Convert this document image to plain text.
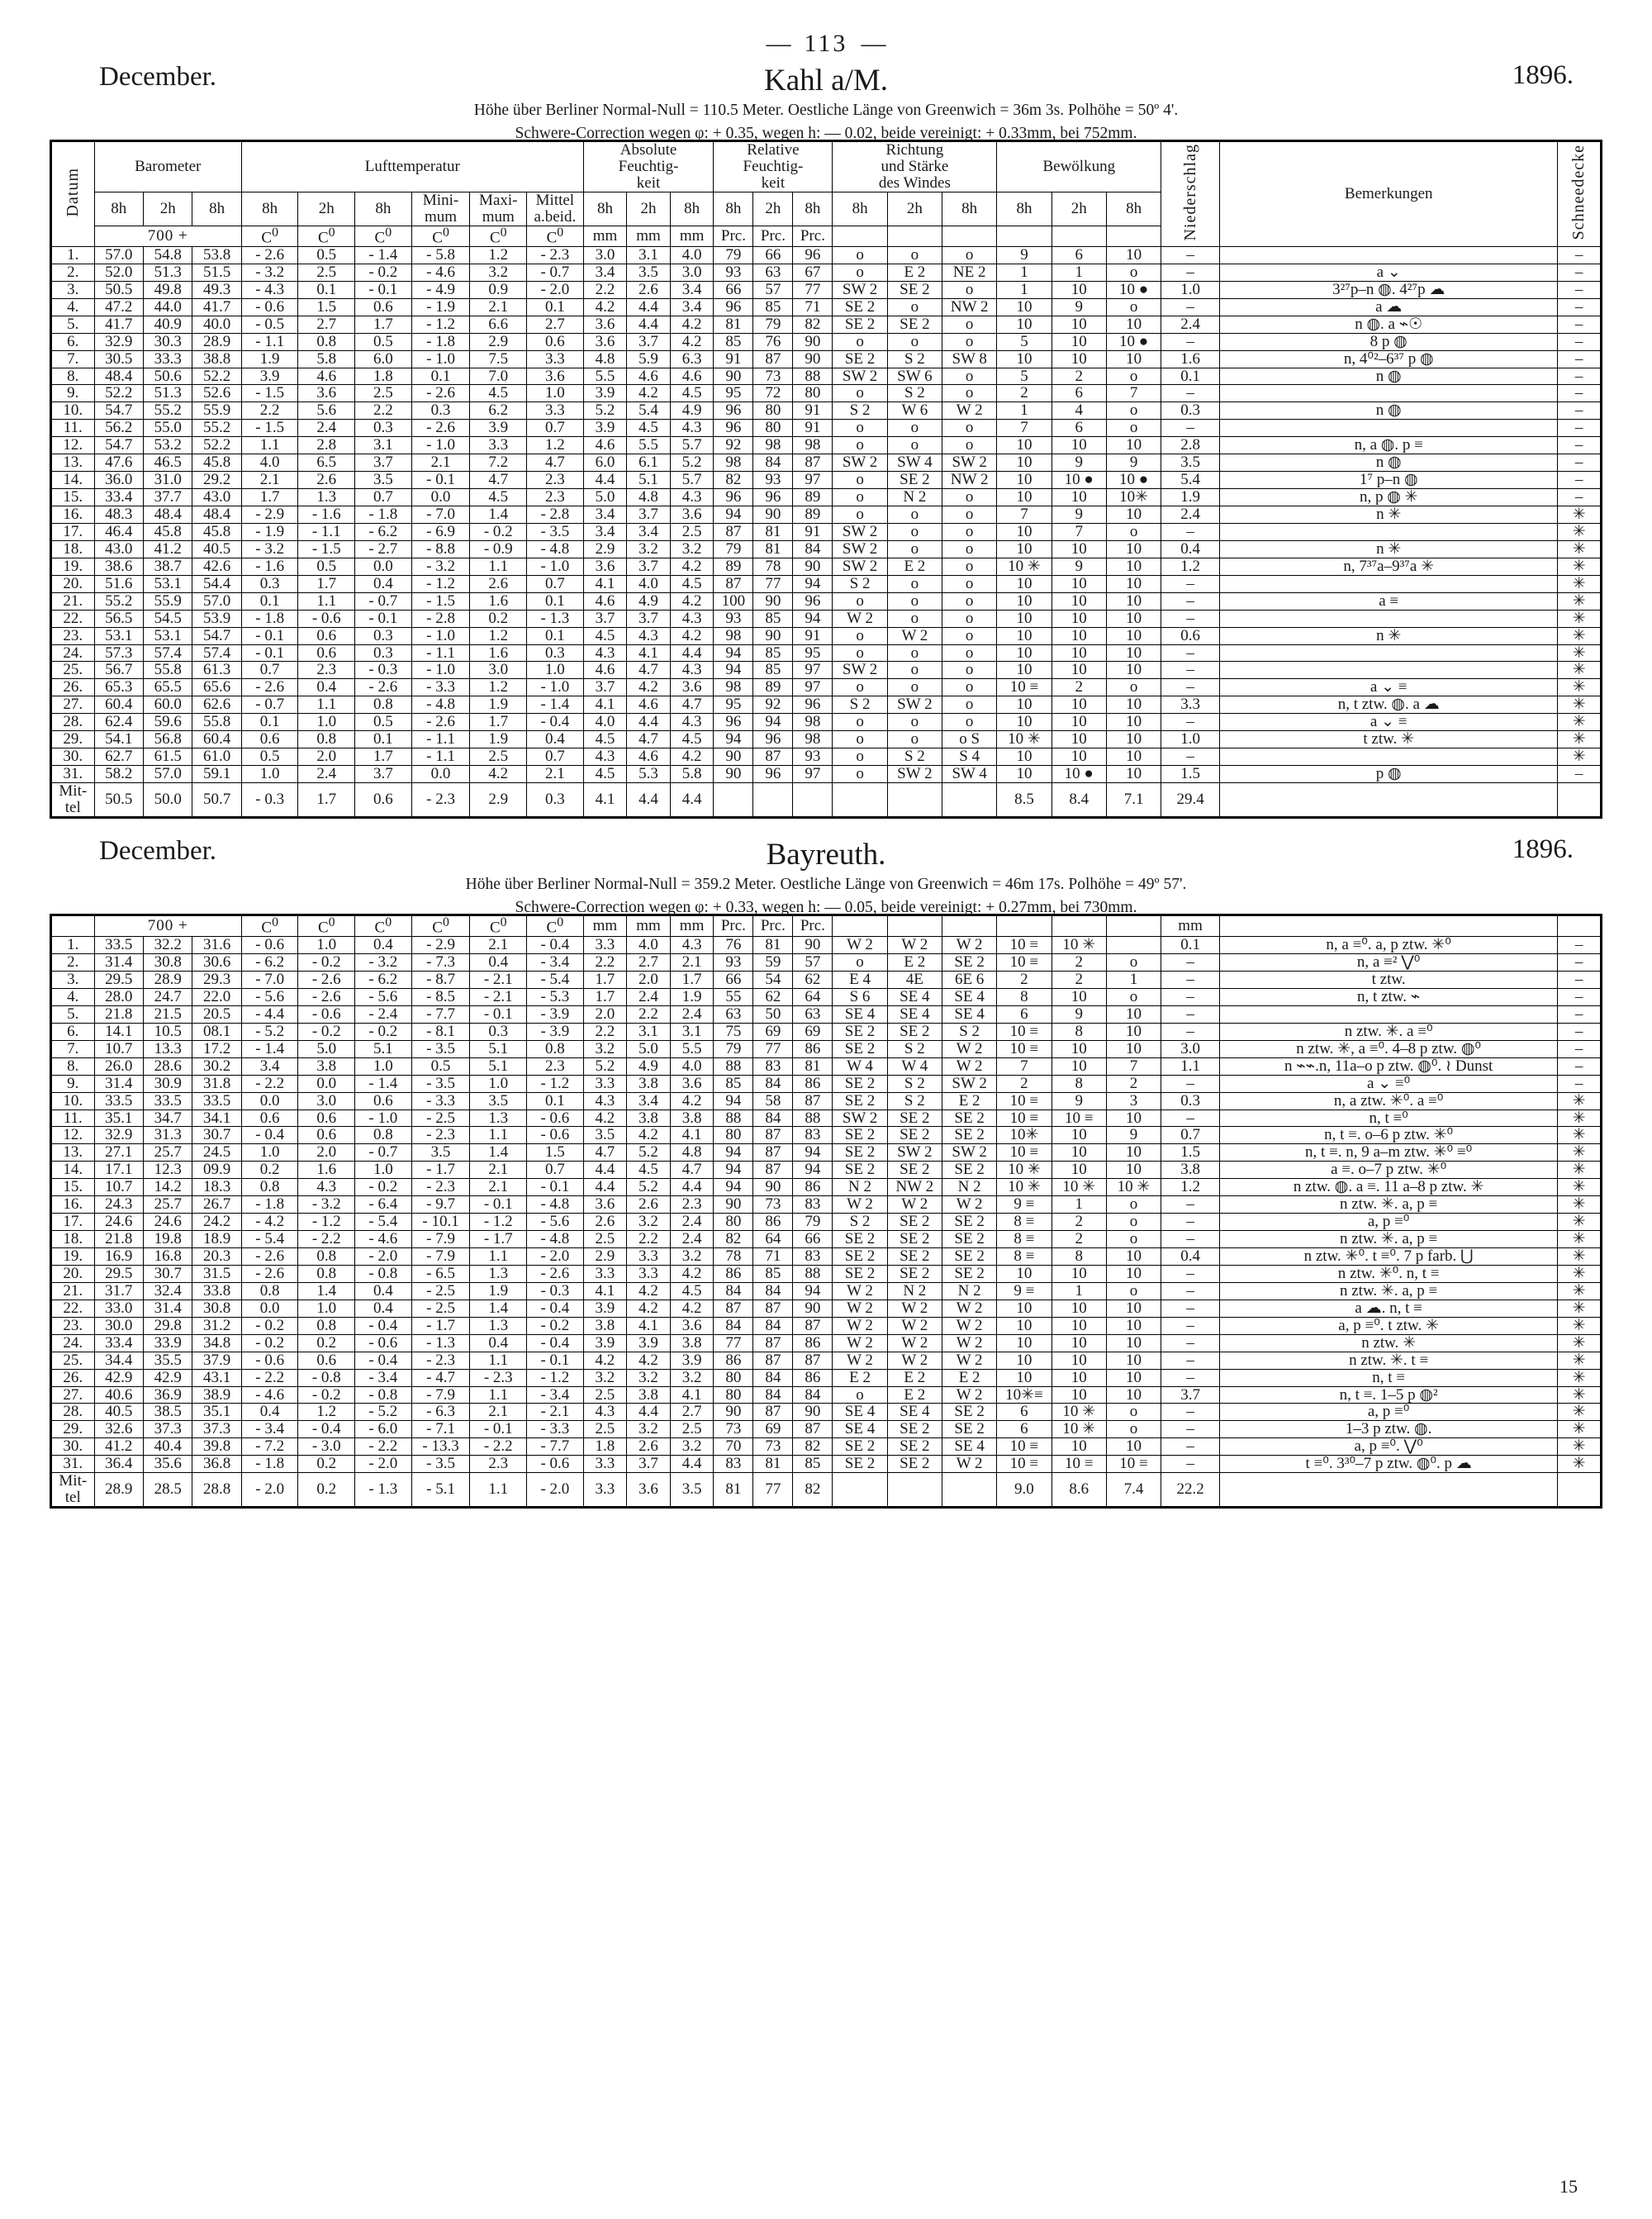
— 113 —
Kahl a/M.
December.	1896.
Höhe über Berliner Normal-Null = 110.5 Meter. Oestliche Länge von Greenwich = 36m 3s. Polhöhe = 50º 4'.
Schwere-Correction wegen φ: + 0.35, wegen h: — 0.02, beide vereinigt: + 0.33mm, bei 752mm.
Datum	Barometer			Lufttemperatur						Absolute
Feuchtig-
keit			Relative
Feuchtig-
keit			Richtung
und Stärke
des Windes			Bewölkung			Niederschlag	Bemerkungen	Schneedecke
	8h	2h	8h	8h	2h	8h	Mini-
mum	Maxi-
mum	Mittel
a.beid.	8h	2h	8h	8h	2h	8h	8h	2h	8h	8h	2h	8h			
	700 +			$C^0$	$C^0$	$C^0$	$C^0$	$C^0$	$C^0$	mm	mm	mm	Prc.	Prc.	Prc.									
1.	57.0	54.8	53.8	- 2.6	0.5	- 1.4	- 5.8	1.2	- 2.3	3.0	3.1	4.0	79	66	96	o	o	o	9	6	10	–		–
2.	52.0	51.3	51.5	- 3.2	2.5	- 0.2	- 4.6	3.2	- 0.7	3.4	3.5	3.0	93	63	67	o	E 2	NE 2	1	1	o	–	a ⌄	–
3.	50.5	49.8	49.3	- 4.3	0.1	- 0.1	- 4.9	0.9	- 2.0	2.2	2.6	3.4	66	57	77	SW 2	SE 2	o	1	10	10 ●	1.0	3²⁷p–n ◍. 4²⁷p ☁	–
4.	47.2	44.0	41.7	- 0.6	1.5	0.6	- 1.9	2.1	0.1	4.2	4.4	3.4	96	85	71	SE 2	o	NW 2	10	9	o	–	a ☁	–
5.	41.7	40.9	40.0	- 0.5	2.7	1.7	- 1.2	6.6	2.7	3.6	4.4	4.2	81	79	82	SE 2	SE 2	o	10	10	10	2.4	n ◍. a ⌁☉	–
6.	32.9	30.3	28.9	- 1.1	0.8	0.5	- 1.8	2.9	0.6	3.6	3.7	4.2	85	76	90	o	o	o	5	10	10 ●	–	8 p ◍	–
7.	30.5	33.3	38.8	1.9	5.8	6.0	- 1.0	7.5	3.3	4.8	5.9	6.3	91	87	90	SE 2	S 2	SW 8	10	10	10	1.6	n, 4⁰²–6³⁷ p ◍	–
8.	48.4	50.6	52.2	3.9	4.6	1.8	0.1	7.0	3.6	5.5	4.6	4.6	90	73	88	SW 2	SW 6	o	5	2	o	0.1	n ◍	–
9.	52.2	51.3	52.6	- 1.5	3.6	2.5	- 2.6	4.5	1.0	3.9	4.2	4.5	95	72	80	o	S 2	o	2	6	7	–		–
10.	54.7	55.2	55.9	2.2	5.6	2.2	0.3	6.2	3.3	5.2	5.4	4.9	96	80	91	S 2	W 6	W 2	1	4	o	0.3	n ◍	–
11.	56.2	55.0	55.2	- 1.5	2.4	0.3	- 2.6	3.9	0.7	3.9	4.5	4.3	96	80	91	o	o	o	7	6	o	–		–
12.	54.7	53.2	52.2	1.1	2.8	3.1	- 1.0	3.3	1.2	4.6	5.5	5.7	92	98	98	o	o	o	10	10	10	2.8	n, a ◍. p ≡	–
13.	47.6	46.5	45.8	4.0	6.5	3.7	2.1	7.2	4.7	6.0	6.1	5.2	98	84	87	SW 2	SW 4	SW 2	10	9	9	3.5	n ◍	–
14.	36.0	31.0	29.2	2.1	2.6	3.5	- 0.1	4.7	2.3	4.4	5.1	5.7	82	93	97	o	SE 2	NW 2	10	10 ●	10 ●	5.4	1⁷ p–n ◍	–
15.	33.4	37.7	43.0	1.7	1.3	0.7	0.0	4.5	2.3	5.0	4.8	4.3	96	96	89	o	N 2	o	10	10	10✳	1.9	n, p ◍ ✳	–
16.	48.3	48.4	48.4	- 2.9	- 1.6	- 1.8	- 7.0	1.4	- 2.8	3.4	3.7	3.6	94	90	89	o	o	o	7	9	10	2.4	n ✳	✳
17.	46.4	45.8	45.8	- 1.9	- 1.1	- 6.2	- 6.9	- 0.2	- 3.5	3.4	3.4	2.5	87	81	91	SW 2	o	o	10	7	o	–		✳
18.	43.0	41.2	40.5	- 3.2	- 1.5	- 2.7	- 8.8	- 0.9	- 4.8	2.9	3.2	3.2	79	81	84	SW 2	o	o	10	10	10	0.4	n ✳	✳
19.	38.6	38.7	42.6	- 1.6	0.5	0.0	- 3.2	1.1	- 1.0	3.6	3.7	4.2	89	78	90	SW 2	E 2	o	10 ✳	9	10	1.2	n, 7³⁷a–9³⁷a ✳	✳
20.	51.6	53.1	54.4	0.3	1.7	0.4	- 1.2	2.6	0.7	4.1	4.0	4.5	87	77	94	S 2	o	o	10	10	10	–		✳
21.	55.2	55.9	57.0	0.1	1.1	- 0.7	- 1.5	1.6	0.1	4.6	4.9	4.2	100	90	96	o	o	o	10	10	10	–	a ≡	✳
22.	56.5	54.5	53.9	- 1.8	- 0.6	- 0.1	- 2.8	0.2	- 1.3	3.7	3.7	4.3	93	85	94	W 2	o	o	10	10	10	–		✳
23.	53.1	53.1	54.7	- 0.1	0.6	0.3	- 1.0	1.2	0.1	4.5	4.3	4.2	98	90	91	o	W 2	o	10	10	10	0.6	n ✳	✳
24.	57.3	57.4	57.4	- 0.1	0.6	0.3	- 1.1	1.6	0.3	4.3	4.1	4.4	94	85	95	o	o	o	10	10	10	–		✳
25.	56.7	55.8	61.3	0.7	2.3	- 0.3	- 1.0	3.0	1.0	4.6	4.7	4.3	94	85	97	SW 2	o	o	10	10	10	–		✳
26.	65.3	65.5	65.6	- 2.6	0.4	- 2.6	- 3.3	1.2	- 1.0	3.7	4.2	3.6	98	89	97	o	o	o	10 ≡	2	o	–	a ⌄ ≡	✳
27.	60.4	60.0	62.6	- 0.7	1.1	0.8	- 4.8	1.9	- 1.4	4.1	4.6	4.7	95	92	96	S 2	SW 2	o	10	10	10	3.3	n, t ztw. ◍. a ☁	✳
28.	62.4	59.6	55.8	0.1	1.0	0.5	- 2.6	1.7	- 0.4	4.0	4.4	4.3	96	94	98	o	o	o	10	10	10	–	a ⌄ ≡	✳
29.	54.1	56.8	60.4	0.6	0.8	0.1	- 1.1	1.9	0.4	4.5	4.7	4.5	94	96	98	o	o	o S	10 ✳	10	10	1.0	t ztw. ✳	✳
30.	62.7	61.5	61.0	0.5	2.0	1.7	- 1.1	2.5	0.7	4.3	4.6	4.2	90	87	93	o	S 2	S 4	10	10	10	–		✳
31.	58.2	57.0	59.1	1.0	2.4	3.7	0.0	4.2	2.1	4.5	5.3	5.8	90	96	97	o	SW 2	SW 4	10	10 ●	10	1.5	p ◍	–
Mit-
tel	50.5	50.0	50.7	- 0.3	1.7	0.6	- 2.3	2.9	0.3	4.1	4.4	4.4							8.5	8.4	7.1	29.4		
Bayreuth.
December.	1896.
Höhe über Berliner Normal-Null = 359.2 Meter. Oestliche Länge von Greenwich = 46m 17s. Polhöhe = 49º 57'.
Schwere-Correction wegen φ: + 0.33, wegen h: — 0.05, beide vereinigt: + 0.27mm, bei 730mm.
	700 +			$C^0$	$C^0$	$C^0$	$C^0$	$C^0$	$C^0$	mm	mm	mm	Prc.	Prc.	Prc.							mm		
1.	33.5	32.2	31.6	- 0.6	1.0	0.4	- 2.9	2.1	- 0.4	3.3	4.0	4.3	76	81	90	W 2	W 2	W 2	10 ≡	10 ✳		0.1	n, a ≡⁰. a, p ztw. ✳⁰	–
2.	31.4	30.8	30.6	- 6.2	- 0.2	- 3.2	- 7.3	0.4	- 3.4	2.2	2.7	2.1	93	59	57	o	E 2	SE 2	10 ≡	2	o	–	n, a ≡² ⋁⁰	–
3.	29.5	28.9	29.3	- 7.0	- 2.6	- 6.2	- 8.7	- 2.1	- 5.4	1.7	2.0	1.7	66	54	62	E 4	4E	6E 6	2	2	1	–	t ztw.	–
4.	28.0	24.7	22.0	- 5.6	- 2.6	- 5.6	- 8.5	- 2.1	- 5.3	1.7	2.4	1.9	55	62	64	S 6	SE 4	SE 4	8	10	o	–	n, t ztw. ⌁	–
5.	21.8	21.5	20.5	- 4.4	- 0.6	- 2.4	- 7.7	- 0.1	- 3.9	2.0	2.2	2.4	63	50	63	SE 4	SE 4	SE 4	6	9	10	–		–
6.	14.1	10.5	08.1	- 5.2	- 0.2	- 0.2	- 8.1	0.3	- 3.9	2.2	3.1	3.1	75	69	69	SE 2	SE 2	S 2	10 ≡	8	10	–	n ztw. ✳. a ≡⁰	–
7.	10.7	13.3	17.2	- 1.4	5.0	5.1	- 3.5	5.1	0.8	3.2	5.0	5.5	79	77	86	SE 2	S 2	W 2	10 ≡	10	10	3.0	n ztw. ✳, a ≡⁰. 4–8 p ztw. ◍⁰	–
8.	26.0	28.6	30.2	3.4	3.8	1.0	0.5	5.1	2.3	5.2	4.9	4.0	88	83	81	W 4	W 4	W 2	7	10	7	1.1	n ⌁⌁.n, 11a–o p ztw. ◍⁰. ≀ Dunst	–
9.	31.4	30.9	31.8	- 2.2	0.0	- 1.4	- 3.5	1.0	- 1.2	3.3	3.8	3.6	85	84	86	SE 2	S 2	SW 2	2	8	2	–	a ⌄ ≡⁰	–
10.	33.5	33.5	33.5	0.0	3.0	0.6	- 3.3	3.5	0.1	4.3	3.4	4.2	94	58	87	SE 2	S 2	E 2	10 ≡	9	3	0.3	n, a ztw. ✳⁰. a ≡⁰	✳
11.	35.1	34.7	34.1	0.6	0.6	- 1.0	- 2.5	1.3	- 0.6	4.2	3.8	3.8	88	84	88	SW 2	SE 2	SE 2	10 ≡	10 ≡	10	–	n, t ≡⁰	✳
12.	32.9	31.3	30.7	- 0.4	0.6	0.8	- 2.3	1.1	- 0.6	3.5	4.2	4.1	80	87	83	SE 2	SE 2	SE 2	10✳	10	9	0.7	n, t ≡. o–6 p ztw. ✳⁰	✳
13.	27.1	25.7	24.5	1.0	2.0	- 0.7	3.5	1.4	1.5	4.7	5.2	4.8	94	87	94	SE 2	SW 2	SW 2	10 ≡	10	10	1.5	n, t ≡. n, 9 a–m ztw. ✳⁰ ≡⁰	✳
14.	17.1	12.3	09.9	0.2	1.6	1.0	- 1.7	2.1	0.7	4.4	4.5	4.7	94	87	94	SE 2	SE 2	SE 2	10 ✳	10	10	3.8	a ≡. o–7 p ztw. ✳⁰	✳
15.	10.7	14.2	18.3	0.8	4.3	- 0.2	- 2.3	2.1	- 0.1	4.4	5.2	4.4	94	90	86	N 2	NW 2	N 2	10 ✳	10 ✳	10 ✳	1.2	n ztw. ◍. a ≡. 11 a–8 p ztw. ✳	✳
16.	24.3	25.7	26.7	- 1.8	- 3.2	- 6.4	- 9.7	- 0.1	- 4.8	3.6	2.6	2.3	90	73	83	W 2	W 2	W 2	9 ≡	1	o	–	n ztw. ✳. a, p ≡	✳
17.	24.6	24.6	24.2	- 4.2	- 1.2	- 5.4	- 10.1	- 1.2	- 5.6	2.6	3.2	2.4	80	86	79	S 2	SE 2	SE 2	8 ≡	2	o	–	a, p ≡⁰	✳
18.	21.8	19.8	18.9	- 5.4	- 2.2	- 4.6	- 7.9	- 1.7	- 4.8	2.5	2.2	2.4	82	64	66	SE 2	SE 2	SE 2	8 ≡	2	o	–	n ztw. ✳. a, p ≡	✳
19.	16.9	16.8	20.3	- 2.6	0.8	- 2.0	- 7.9	1.1	- 2.0	2.9	3.3	3.2	78	71	83	SE 2	SE 2	SE 2	8 ≡	8	10	0.4	n ztw. ✳⁰. t ≡⁰. 7 p farb. ⋃	✳
20.	29.5	30.7	31.5	- 2.6	0.8	- 0.8	- 6.5	1.3	- 2.6	3.3	3.3	4.2	86	85	88	SE 2	SE 2	SE 2	10	10	10	–	n ztw. ✳⁰. n, t ≡	✳
21.	31.7	32.4	33.8	0.8	1.4	0.4	- 2.5	1.9	- 0.3	4.1	4.2	4.5	84	84	94	W 2	N 2	N 2	9 ≡	1	o	–	n ztw. ✳. a, p ≡	✳
22.	33.0	31.4	30.8	0.0	1.0	0.4	- 2.5	1.4	- 0.4	3.9	4.2	4.2	87	87	90	W 2	W 2	W 2	10	10	10	–	a ☁. n, t ≡	✳
23.	30.0	29.8	31.2	- 0.2	0.8	- 0.4	- 1.7	1.3	- 0.2	3.8	4.1	3.6	84	84	87	W 2	W 2	W 2	10	10	10	–	a, p ≡⁰. t ztw. ✳	✳
24.	33.4	33.9	34.8	- 0.2	0.2	- 0.6	- 1.3	0.4	- 0.4	3.9	3.9	3.8	77	87	86	W 2	W 2	W 2	10	10	10	–	n ztw. ✳	✳
25.	34.4	35.5	37.9	- 0.6	0.6	- 0.4	- 2.3	1.1	- 0.1	4.2	4.2	3.9	86	87	87	W 2	W 2	W 2	10	10	10	–	n ztw. ✳. t ≡	✳
26.	42.9	42.9	43.1	- 2.2	- 0.8	- 3.4	- 4.7	- 2.3	- 1.2	3.2	3.2	3.2	80	84	86	E 2	E 2	E 2	10	10	10	–	n, t ≡	✳
27.	40.6	36.9	38.9	- 4.6	- 0.2	- 0.8	- 7.9	1.1	- 3.4	2.5	3.8	4.1	80	84	84	o	E 2	W 2	10✳≡	10	10	3.7	n, t ≡. 1–5 p ◍²	✳
28.	40.5	38.5	35.1	0.4	1.2	- 5.2	- 6.3	2.1	- 2.1	4.3	4.4	2.7	90	87	90	SE 4	SE 4	SE 2	6	10 ✳	o	–	a, p ≡⁰	✳
29.	32.6	37.3	37.3	- 3.4	- 0.4	- 6.0	- 7.1	- 0.1	- 3.3	2.5	3.2	2.5	73	69	87	SE 4	SE 2	SE 2	6	10 ✳	o	–	1–3 p ztw. ◍.	✳
30.	41.2	40.4	39.8	- 7.2	- 3.0	- 2.2	- 13.3	- 2.2	- 7.7	1.8	2.6	3.2	70	73	82	SE 2	SE 2	SE 4	10 ≡	10	10	–	a, p ≡⁰. ⋁⁰	✳
31.	36.4	35.6	36.8	- 1.8	0.2	- 2.0	- 3.5	2.3	- 0.6	3.3	3.7	4.4	83	81	85	SE 2	SE 2	W 2	10 ≡	10 ≡	10 ≡	–	t ≡⁰. 3³⁰–7 p ztw. ◍⁰. p ☁	✳
Mit-
tel	28.9	28.5	28.8	- 2.0	0.2	- 1.3	- 5.1	1.1	- 2.0	3.3	3.6	3.5	81	77	82				9.0	8.6	7.4	22.2		
15
